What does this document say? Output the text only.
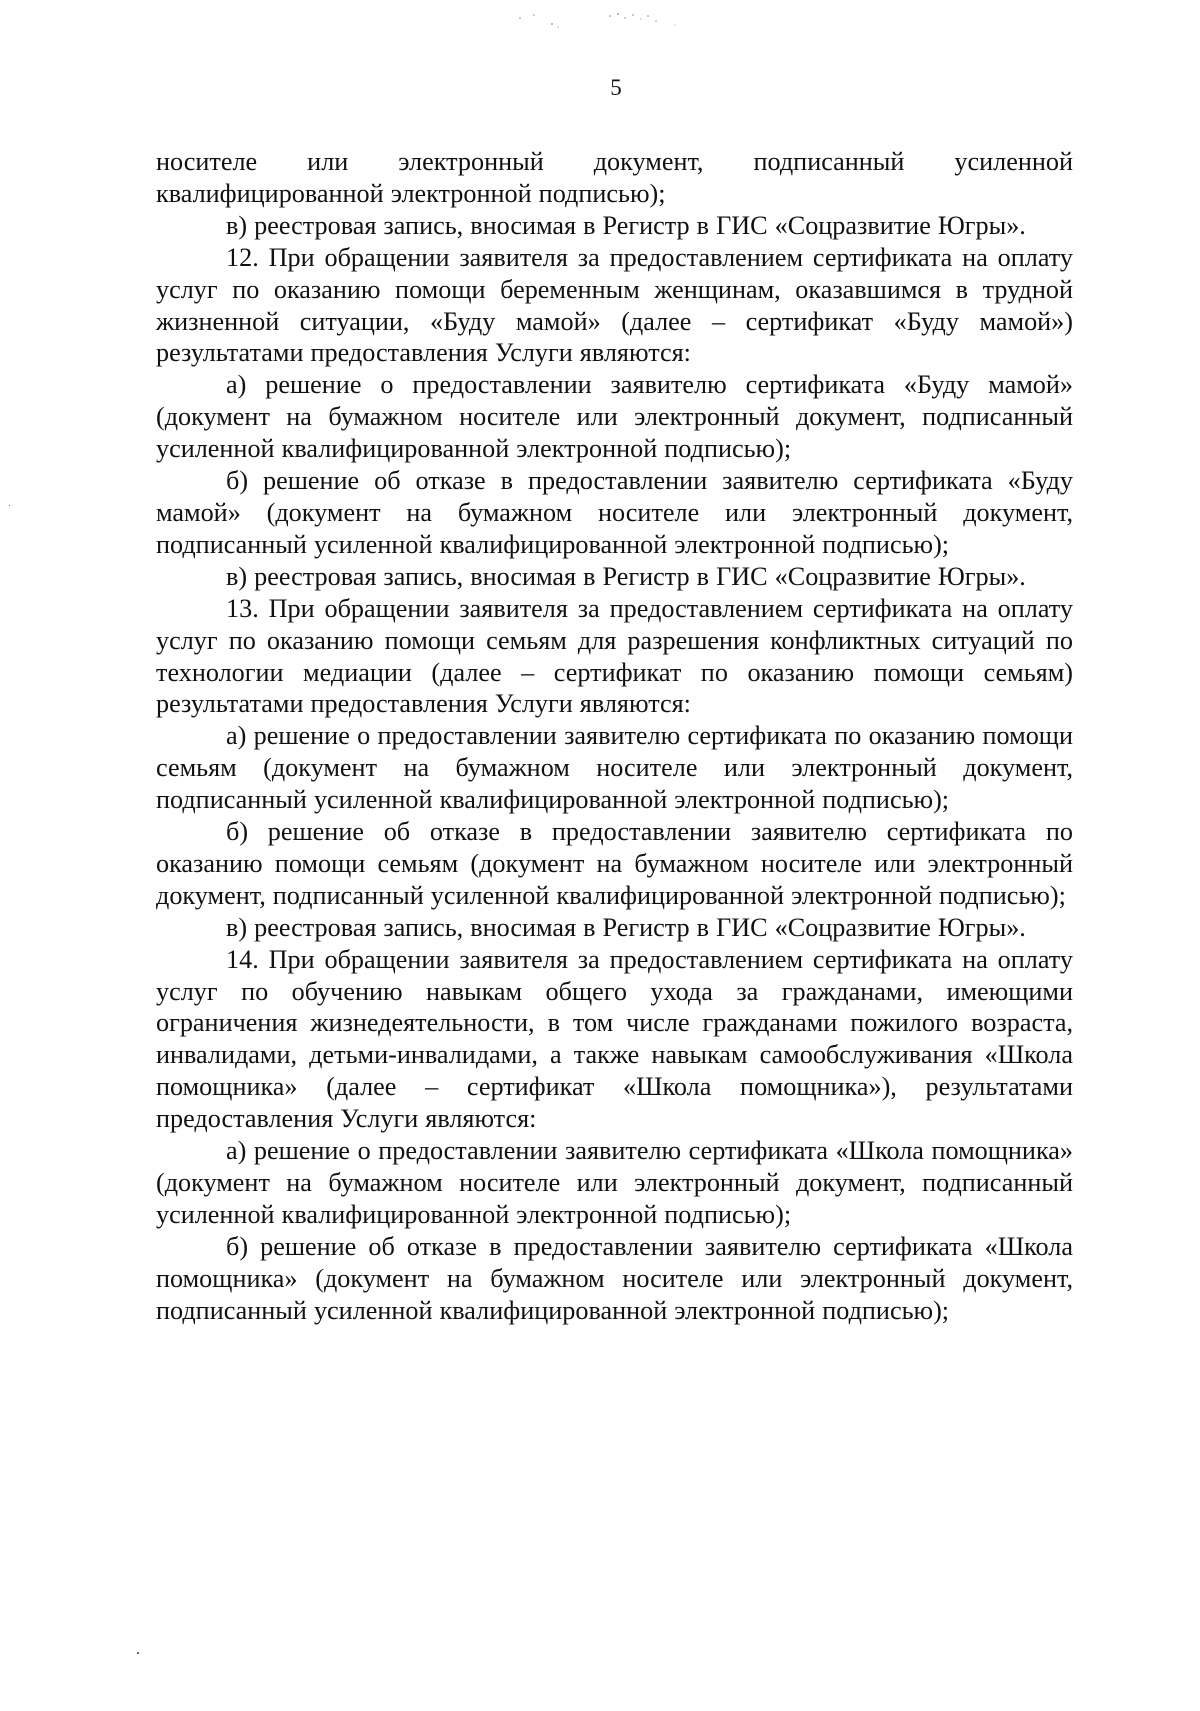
5

носителе или электронный документ, подписанный усиленной квалифицированной электронной подписью);

в) реестровая запись, вносимая в Регистр в ГИС «Соцразвитие Югры».

12. При обращении заявителя за предоставлением сертификата на оплату услуг по оказанию помощи беременным женщинам, оказавшимся в трудной жизненной ситуации, «Буду мамой» (далее – сертификат «Буду мамой») результатами предоставления Услуги являются:

а) решение о предоставлении заявителю сертификата «Буду мамой» (документ на бумажном носителе или электронный документ, подписанный усиленной квалифицированной электронной подписью);

б) решение об отказе в предоставлении заявителю сертификата «Буду мамой» (документ на бумажном носителе или электронный документ, подписанный усиленной квалифицированной электронной подписью);

в) реестровая запись, вносимая в Регистр в ГИС «Соцразвитие Югры».

13. При обращении заявителя за предоставлением сертификата на оплату услуг по оказанию помощи семьям для разрешения конфликтных ситуаций по технологии медиации (далее – сертификат по оказанию помощи семьям) результатами предоставления Услуги являются:

а) решение о предоставлении заявителю сертификата по оказанию помощи семьям (документ на бумажном носителе или электронный документ, подписанный усиленной квалифицированной электронной подписью);

б) решение об отказе в предоставлении заявителю сертификата по оказанию помощи семьям (документ на бумажном носителе или электронный документ, подписанный усиленной квалифицированной электронной подписью);

в) реестровая запись, вносимая в Регистр в ГИС «Соцразвитие Югры».

14. При обращении заявителя за предоставлением сертификата на оплату услуг по обучению навыкам общего ухода за гражданами, имеющими ограничения жизнедеятельности, в том числе гражданами пожилого возраста, инвалидами, детьми-инвалидами, а также навыкам самообслуживания «Школа помощника» (далее – сертификат «Школа помощника»), результатами предоставления Услуги являются:

а) решение о предоставлении заявителю сертификата «Школа помощника» (документ на бумажном носителе или электронный документ, подписанный усиленной квалифицированной электронной подписью);

б) решение об отказе в предоставлении заявителю сертификата «Школа помощника» (документ на бумажном носителе или электронный документ, подписанный усиленной квалифицированной электронной подписью);
